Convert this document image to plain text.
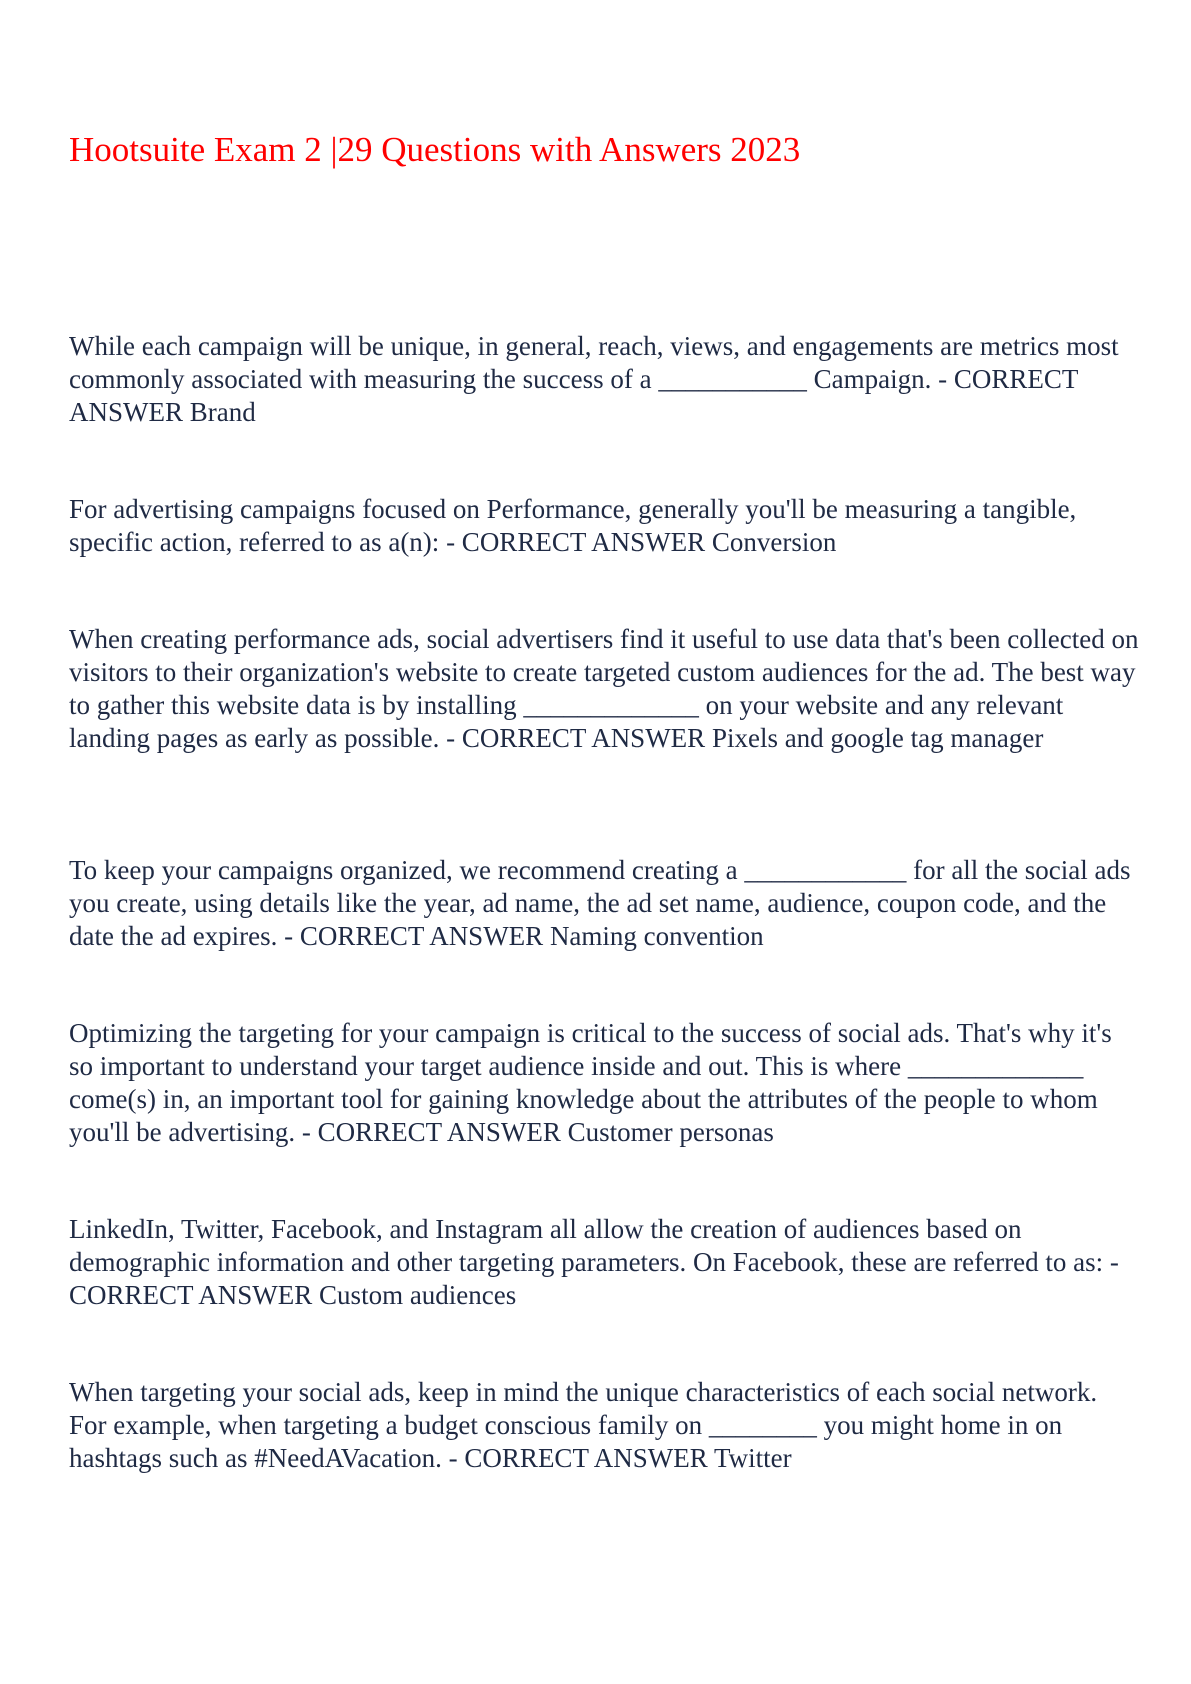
Hootsuite Exam 2 |29 Questions with Answers 2023

While each campaign will be unique, in general, reach, views, and engagements are metrics most commonly associated with measuring the success of a ___________ Campaign. - CORRECT ANSWER Brand

For advertising campaigns focused on Performance, generally you'll be measuring a tangible, specific action, referred to as a(n): - CORRECT ANSWER Conversion

When creating performance ads, social advertisers find it useful to use data that's been collected on visitors to their organization's website to create targeted custom audiences for the ad. The best way to gather this website data is by installing _____________ on your website and any relevant landing pages as early as possible. - CORRECT ANSWER Pixels and google tag manager

To keep your campaigns organized, we recommend creating a ____________ for all the social ads you create, using details like the year, ad name, the ad set name, audience, coupon code, and the date the ad expires. - CORRECT ANSWER Naming convention

Optimizing the targeting for your campaign is critical to the success of social ads. That's why it's so important to understand your target audience inside and out. This is where _____________ come(s) in, an important tool for gaining knowledge about the attributes of the people to whom you'll be advertising. - CORRECT ANSWER Customer personas

LinkedIn, Twitter, Facebook, and Instagram all allow the creation of audiences based on demographic information and other targeting parameters. On Facebook, these are referred to as: - CORRECT ANSWER Custom audiences

When targeting your social ads, keep in mind the unique characteristics of each social network. For example, when targeting a budget conscious family on ________ you might home in on hashtags such as #NeedAVacation. - CORRECT ANSWER Twitter
